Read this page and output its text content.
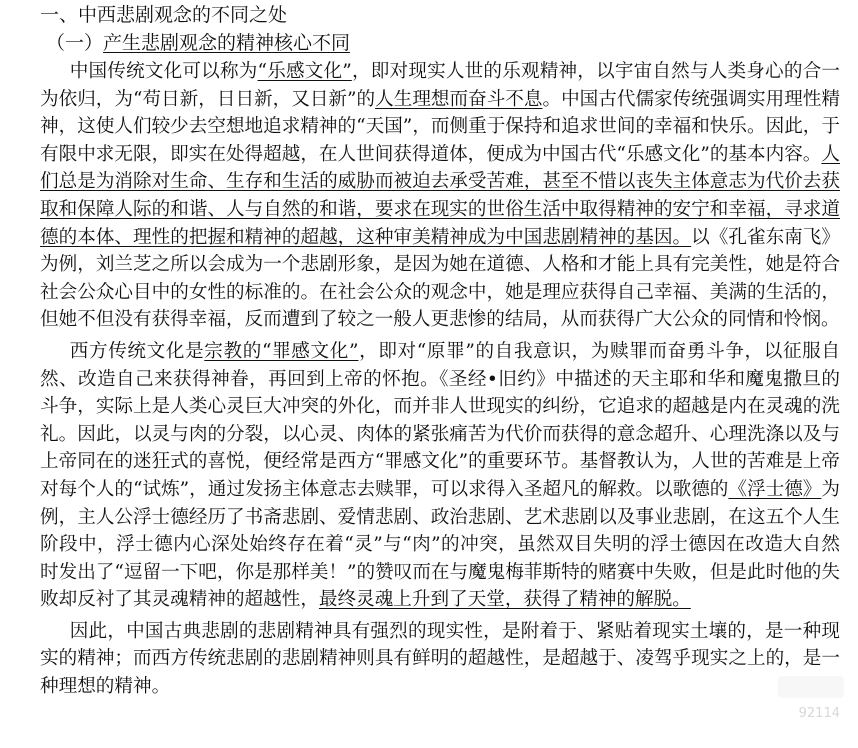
一、中西悲剧观念的不同之处
（一）产生悲剧观念的精神核心不同

中国传统文化可以称为“乐感文化”，即对现实人世的乐观精神，以宇宙自然与人类身心的合一为依归，为“苟日新，日日新，又日新”的人生理想而奋斗不息。中国古代儒家传统强调实用理性精神，这使人们较少去空想地追求精神的“天国”，而侧重于保持和追求世间的幸福和快乐。因此，于有限中求无限，即实在处得超越，在人世间获得道体，便成为中国古代“乐感文化”的基本内容。人们总是为消除对生命、生存和生活的威胁而被迫去承受苦难，甚至不惜以丧失主体意志为代价去获取和保障人际的和谐、人与自然的和谐，要求在现实的世俗生活中取得精神的安宁和幸福，寻求道德的本体、理性的把握和精神的超越，这种审美精神成为中国悲剧精神的基因。以《孔雀东南飞》为例，刘兰芝之所以会成为一个悲剧形象，是因为她在道德、人格和才能上具有完美性，她是符合社会公众心目中的女性的标准的。在社会公众的观念中，她是理应获得自己幸福、美满的生活的，但她不但没有获得幸福，反而遭到了较之一般人更悲惨的结局，从而获得广大公众的同情和怜悯。

西方传统文化是宗教的“罪感文化”，即对“原罪”的自我意识，为赎罪而奋勇斗争，以征服自然、改造自己来获得神眷，再回到上帝的怀抱。《圣经•旧约》中描述的天主耶和华和魔鬼撒旦的斗争，实际上是人类心灵巨大冲突的外化，而并非人世现实的纠纷，它追求的超越是内在灵魂的洗礼。因此，以灵与肉的分裂，以心灵、肉体的紧张痛苦为代价而获得的意念超升、心理洗涤以及与上帝同在的迷狂式的喜悦，便经常是西方“罪感文化”的重要环节。基督教认为，人世的苦难是上帝对每个人的“试炼”，通过发扬主体意志去赎罪，可以求得入圣超凡的解救。以歌德的《浮士德》为例，主人公浮士德经历了书斋悲剧、爱情悲剧、政治悲剧、艺术悲剧以及事业悲剧，在这五个人生阶段中，浮士德内心深处始终存在着“灵”与“肉”的冲突，虽然双目失明的浮士德因在改造大自然时发出了“逗留一下吧，你是那样美！”的赞叹而在与魔鬼梅菲斯特的赌赛中失败，但是此时他的失败却反衬了其灵魂精神的超越性，最终灵魂上升到了天堂，获得了精神的解脱。

因此，中国古典悲剧的悲剧精神具有强烈的现实性，是附着于、紧贴着现实土壤的，是一种现实的精神；而西方传统悲剧的悲剧精神则具有鲜明的超越性，是超越于、凌驾乎现实之上的，是一种理想的精神。

92114
